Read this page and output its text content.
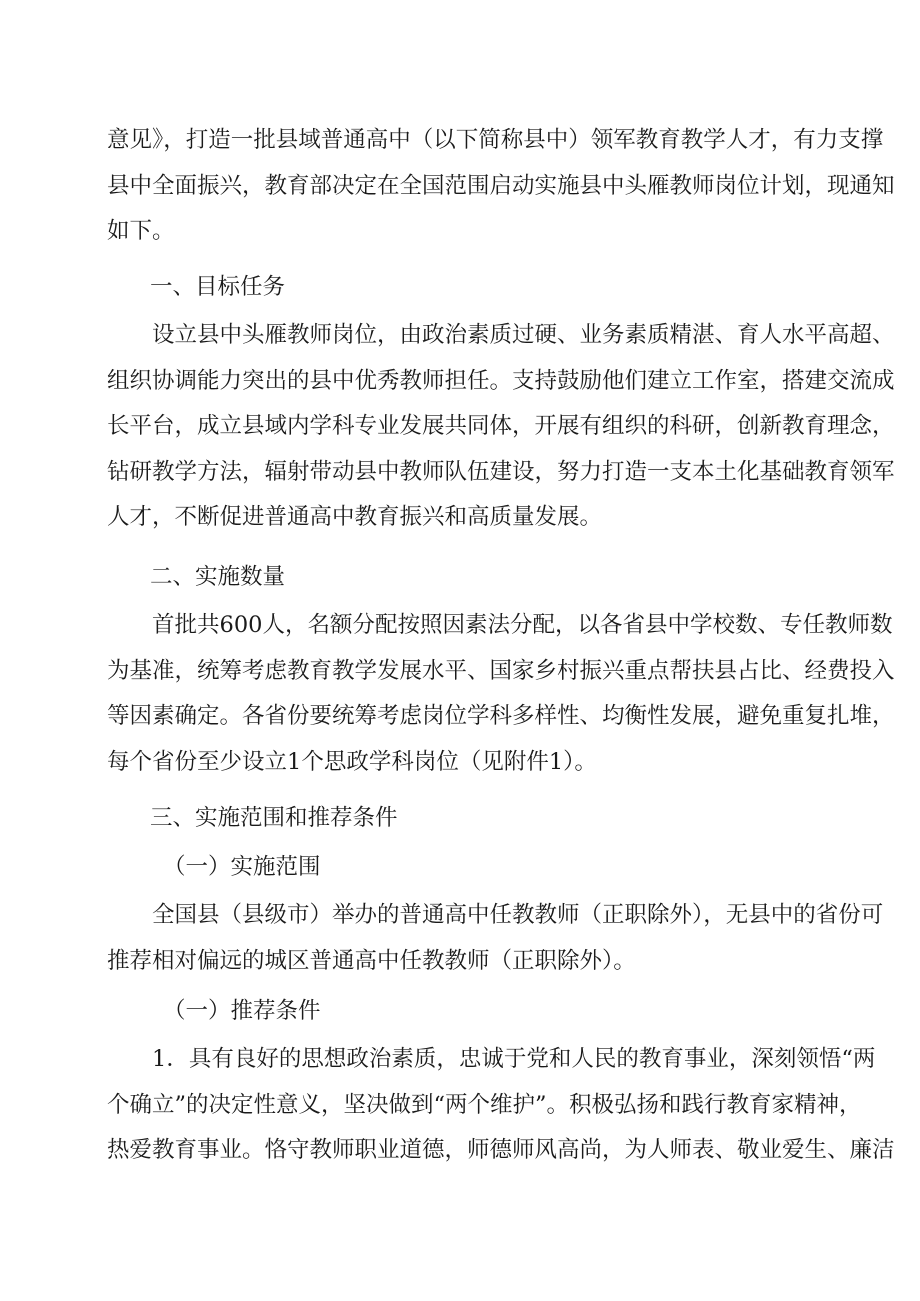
意见》，打造一批县域普通高中（以下简称县中）领军教育教学人才，有力支撑
县中全面振兴，教育部决定在全国范围启动实施县中头雁教师岗位计划，现通知
如下。

一、目标任务

　　设立县中头雁教师岗位，由政治素质过硬、业务素质精湛、育人水平高超、
组织协调能力突出的县中优秀教师担任。支持鼓励他们建立工作室，搭建交流成
长平台，成立县域内学科专业发展共同体，开展有组织的科研，创新教育理念，
钻研教学方法，辐射带动县中教师队伍建设，努力打造一支本土化基础教育领军
人才，不断促进普通高中教育振兴和高质量发展。

二、实施数量

　　首批共600人，名额分配按照因素法分配，以各省县中学校数、专任教师数
为基准，统筹考虑教育教学发展水平、国家乡村振兴重点帮扶县占比、经费投入
等因素确定。各省份要统筹考虑岗位学科多样性、均衡性发展，避免重复扎堆，
每个省份至少设立1个思政学科岗位（见附件1）。

三、实施范围和推荐条件

（一）实施范围

　　全国县（县级市）举办的普通高中任教教师（正职除外），无县中的省份可
推荐相对偏远的城区普通高中任教教师（正职除外）。

（一）推荐条件

　　1．具有良好的思想政治素质，忠诚于党和人民的教育事业，深刻领悟“两
个确立”的决定性意义，坚决做到“两个维护”。积极弘扬和践行教育家精神，
热爱教育事业。恪守教师职业道德，师德师风高尚，为人师表、敬业爱生、廉洁
